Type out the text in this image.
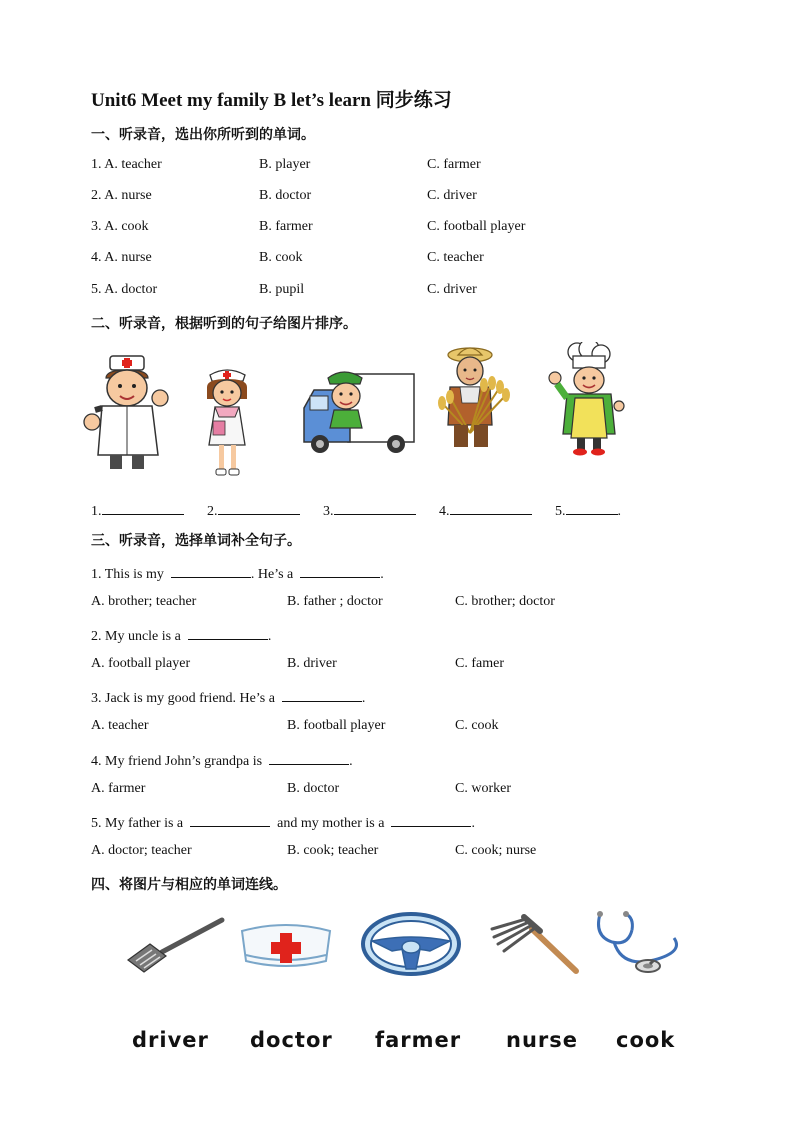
Unit6 Meet my family B let’s learn 同步练习
一、听录音，选出你所听到的单词。
1. A. teacher	B. player	C. farmer
2. A. nurse	B. doctor	C. driver
3. A. cook	B. farmer	C. football player
4. A. nurse	B. cook	C. teacher
5. A. doctor	B. pupil	C. driver
二、听录音，根据听到的句子给图片排序。
1.	2.	3.	4.	5.	.
三、听录音，选择单词补全句子。
1. This is my	. He’s a	.
A. brother; teacher	B. father ; doctor	C. brother; doctor
2. My uncle is a	.
A. football player	B. driver	C. famer
3. Jack is my good friend. He’s a	.
A. teacher	B. football player	C. cook
4. My friend John’s grandpa is	.
A. farmer	B. doctor	C. worker
5. My father is a	and my mother is a	.
A. doctor; teacher	B. cook; teacher	C. cook; nurse
四、将图片与相应的单词连线。
driver doctor farmer nurse cook
